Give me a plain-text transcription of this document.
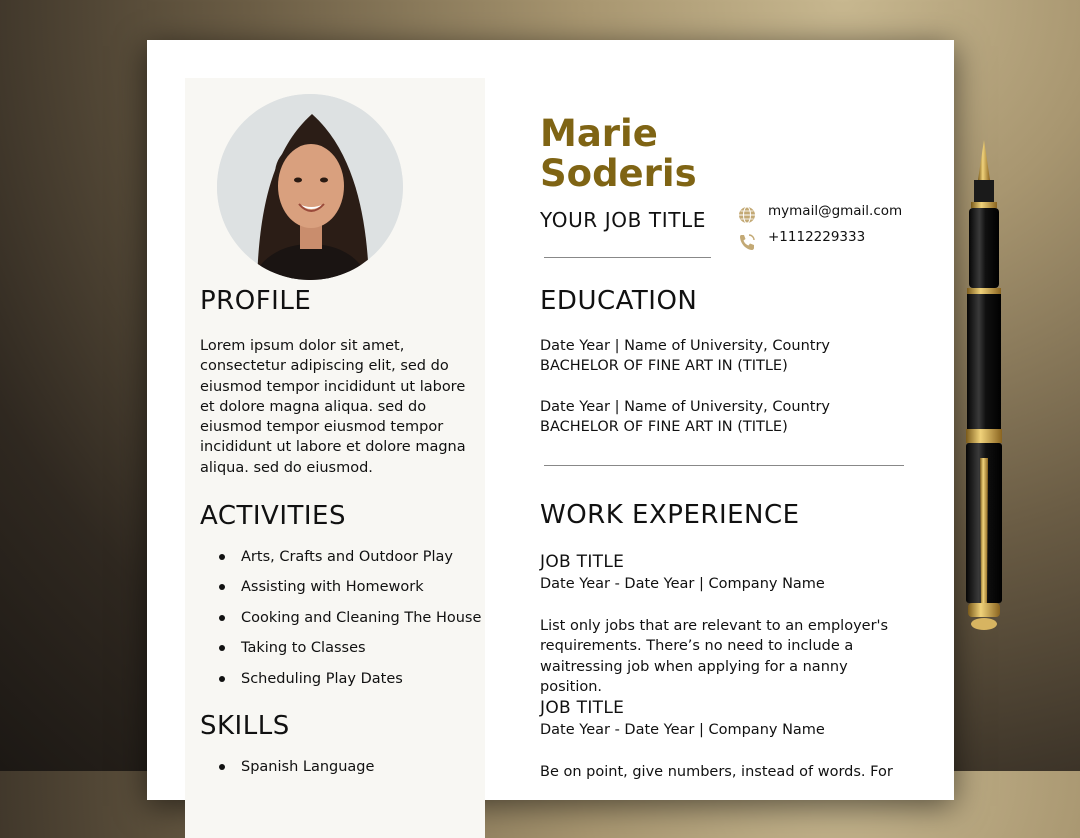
PROFILE

Lorem ipsum dolor sit amet, consectetur adipiscing elit, sed do eiusmod tempor incididunt ut labore et dolore magna aliqua. sed do eiusmod tempor eiusmod tempor incididunt ut labore et dolore magna aliqua. sed do eiusmod.

ACTIVITIES
Arts, Crafts and Outdoor Play
Assisting with Homework
Cooking and Cleaning The House
Taking to Classes
Scheduling Play Dates
SKILLS
Spanish Language
Marie
Soderis
YOUR JOB TITLE	mymail@gmail.com
+1112229333
EDUCATION
Date Year | Name of University, Country
BACHELOR OF FINE ART IN (TITLE)
Date Year | Name of University, Country
BACHELOR OF FINE ART IN (TITLE)
WORK EXPERIENCE
JOB TITLE
Date Year - Date Year | Company Name

List only jobs that are relevant to an employer's requirements. There’s no need to include a waitressing job when applying for a nanny position.

JOB TITLE
Date Year - Date Year | Company Name

Be on point, give numbers, instead of words. For
